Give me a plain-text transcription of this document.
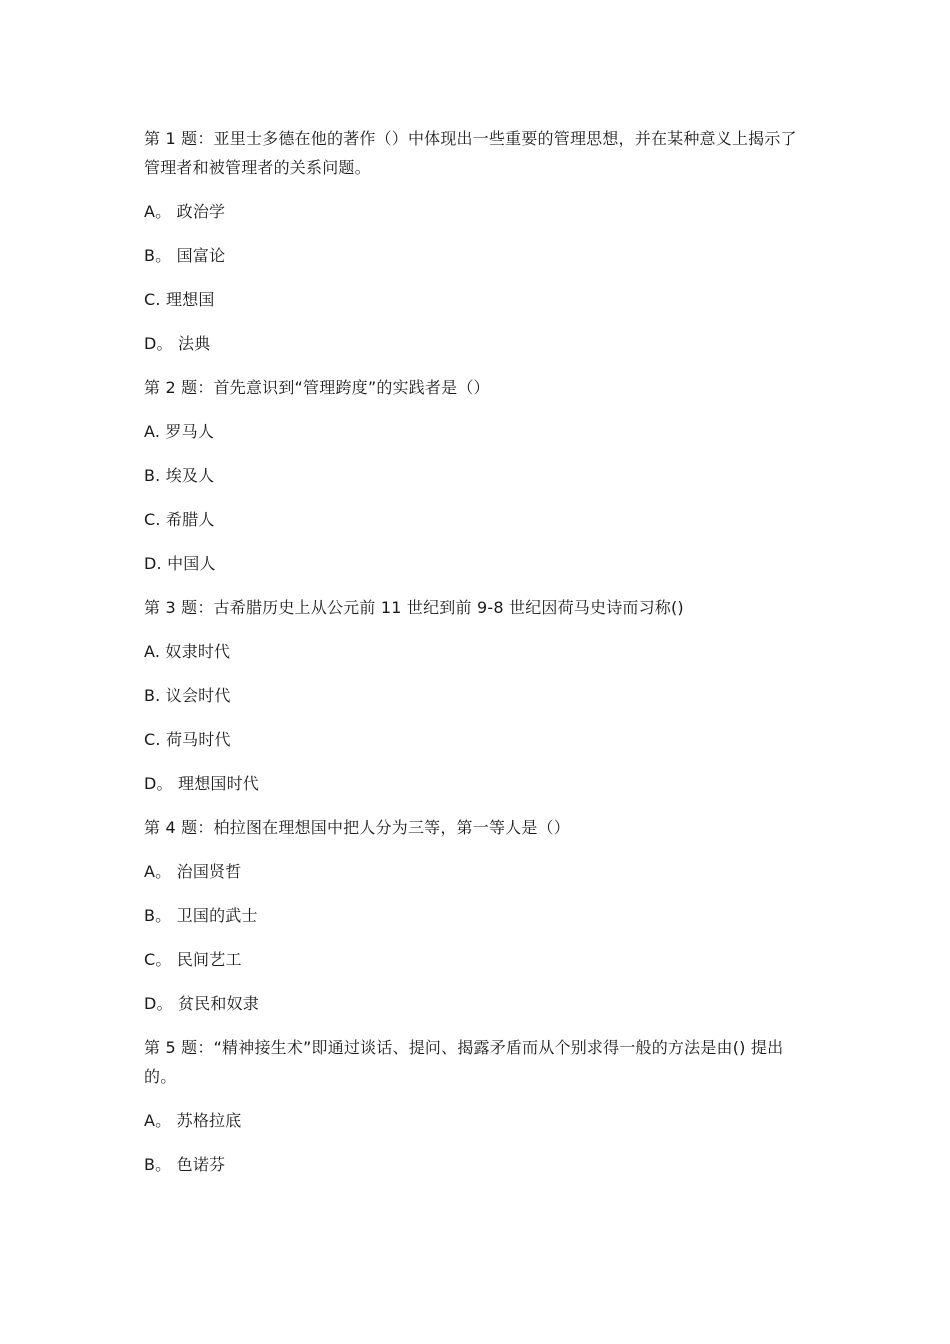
第 1 题：亚里士多德在他的著作（）中体现出一些重要的管理思想，并在某种意义上揭示了管理者和被管理者的关系问题。

A。 政治学

B。 国富论

C. 理想国

D。 法典

第 2 题：首先意识到“管理跨度”的实践者是（）

A. 罗马人

B. 埃及人

C. 希腊人

D. 中国人

第 3 题：古希腊历史上从公元前 11 世纪到前 9-8 世纪因荷马史诗而习称()

A. 奴隶时代

B. 议会时代

C. 荷马时代

D。 理想国时代

第 4 题：柏拉图在理想国中把人分为三等，第一等人是（）

A。 治国贤哲

B。 卫国的武士

C。 民间艺工

D。 贫民和奴隶

第 5 题：“精神接生术”即通过谈话、提问、揭露矛盾而从个别求得一般的方法是由() 提出的。

A。 苏格拉底

B。 色诺芬
